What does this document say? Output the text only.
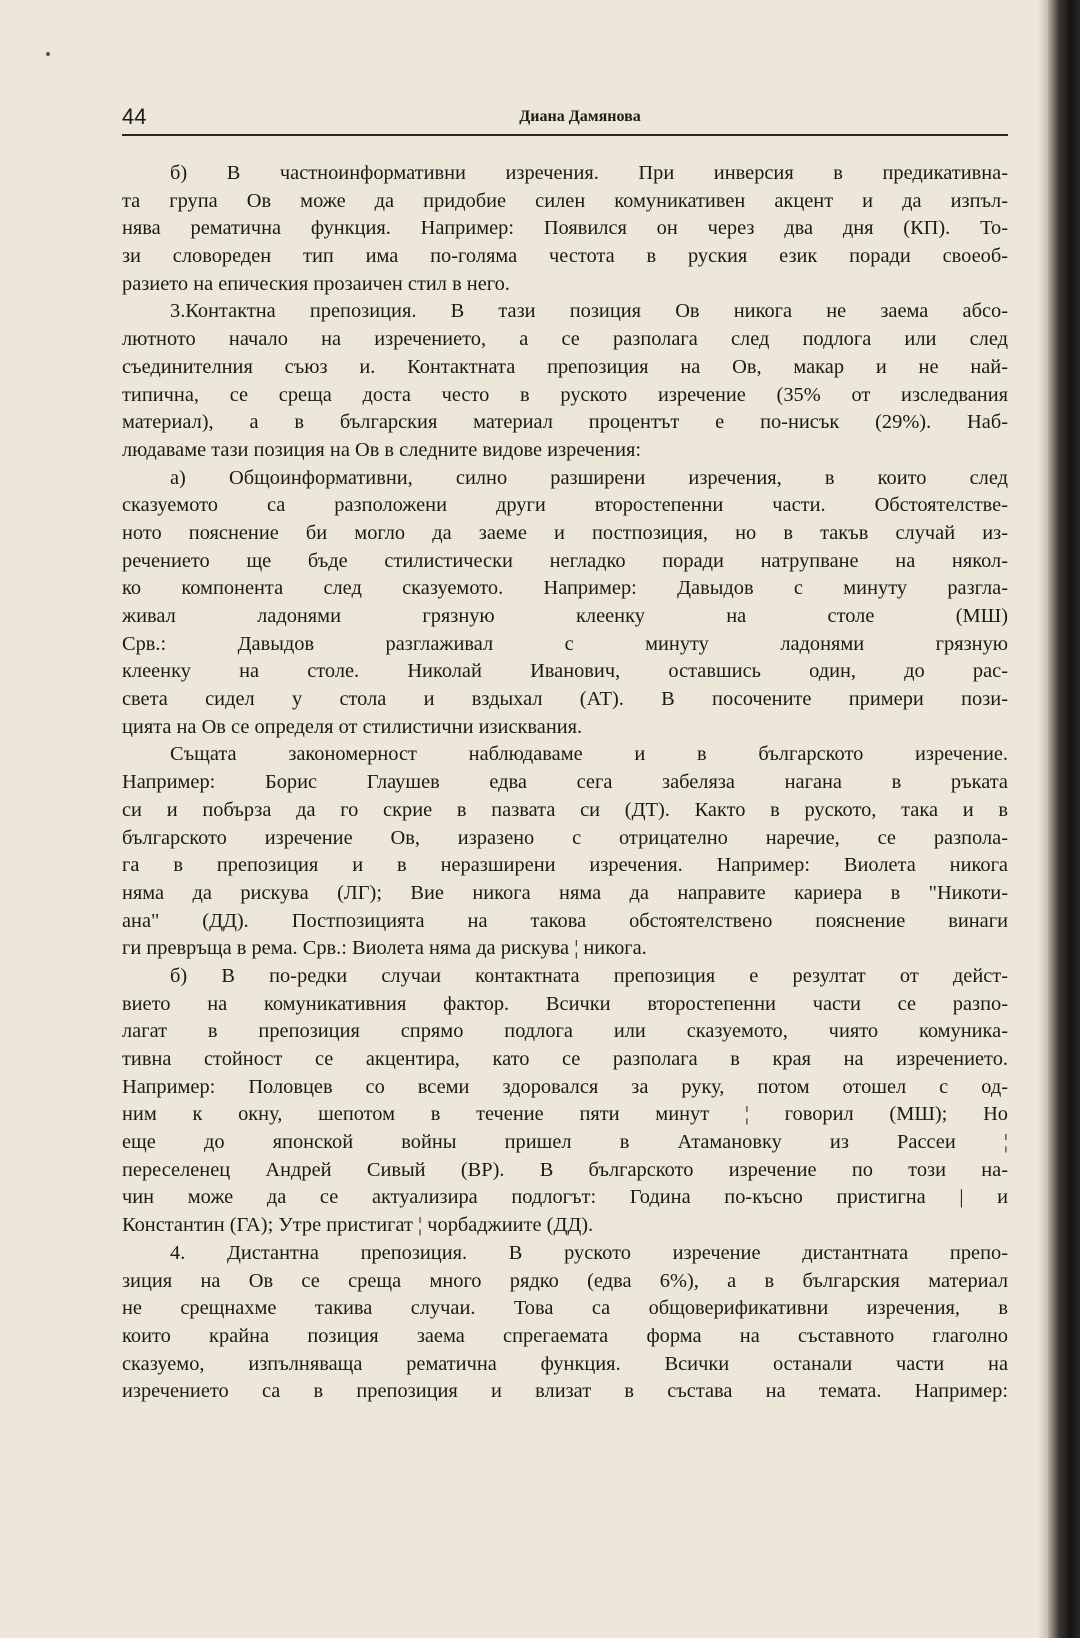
44	Диана Дамянова
б) В частноинформативни изречения. При инверсия в предикативна-
та група Ов може да придобие силен комуникативен акцент и да изпъл-
нява рематична функция. Например: Появился он через два дня (КП). То-
зи словореден тип има по-голяма честота в руския език поради своеоб-
разието на епическия прозаичен стил в него.
3.Контактна препозиция. В тази позиция Ов никога не заема абсо-
лютното начало на изречението, а се разполага след подлога или след
съединителния съюз и. Контактната препозиция на Ов, макар и не най-
типична, се среща доста често в руското изречение (35% от изследвания
материал), а в българския материал процентът е по-нисък (29%). Наб-
людаваме тази позиция на Ов в следните видове изречения:
а) Общоинформативни, силно разширени изречения, в които след
сказуемото са разположени други второстепенни части. Обстоятелстве-
ното пояснение би могло да заеме и постпозиция, но в такъв случай из-
речението ще бъде стилистически негладко поради натрупване на някол-
ко компонента след сказуемото. Например: Давыдов с минуту разгла-
живал ладонями грязную клеенку на столе (МШ)
Срв.: Давыдов разглаживал с минуту ладонями грязную
клеенку на столе. Николай Иванович, оставшись один, до рас-
света сидел у стола и вздыхал (АТ). В посочените примери пози-
цията на Ов се определя от стилистични изисквания.
Същата закономерност наблюдаваме и в българското изречение.
Например: Борис Глаушев едва сега забеляза нагана в ръката
си и побърза да го скрие в пазвата си (ДТ). Както в руското, така и в
българското изречение Ов, изразено с отрицателно наречие, се разпола-
га в препозиция и в неразширени изречения. Например: Виолета никога
няма да рискува (ЛГ); Вие никога няма да направите кариера в "Никоти-
ана" (ДД). Постпозицията на такова обстоятелствено пояснение винаги
ги превръща в рема. Срв.: Виолета няма да рискува ¦ никога.
б) В по-редки случаи контактната препозиция е резултат от дейст-
вието на комуникативния фактор. Всички второстепенни части се разпо-
лагат в препозиция спрямо подлога или сказуемото, чиято комуника-
тивна стойност се акцентира, като се разполага в края на изречението.
Например: Половцев со всеми здоровался за руку, потом отошел с од-
ним к окну, шепотом в течение пяти минут ¦ говорил (МШ); Но
еще до японской войны пришел в Атамановку из Рассеи ¦
переселенец Андрей Сивый (ВР). В българското изречение по този на-
чин може да се актуализира подлогът: Година по-късно пристигна | и
Константин (ГА); Утре пристигат ¦ чорбаджиите (ДД).
4. Дистантна препозиция. В руското изречение дистантната препо-
зиция на Ов се среща много рядко (едва 6%), а в българския материал
не срещнахме такива случаи. Това са общоверификативни изречения, в
които крайна позиция заема спрегаемата форма на съставното глаголно
сказуемо, изпълняваща рематична функция. Всички останали части на
изречението са в препозиция и влизат в състава на темата. Например:
